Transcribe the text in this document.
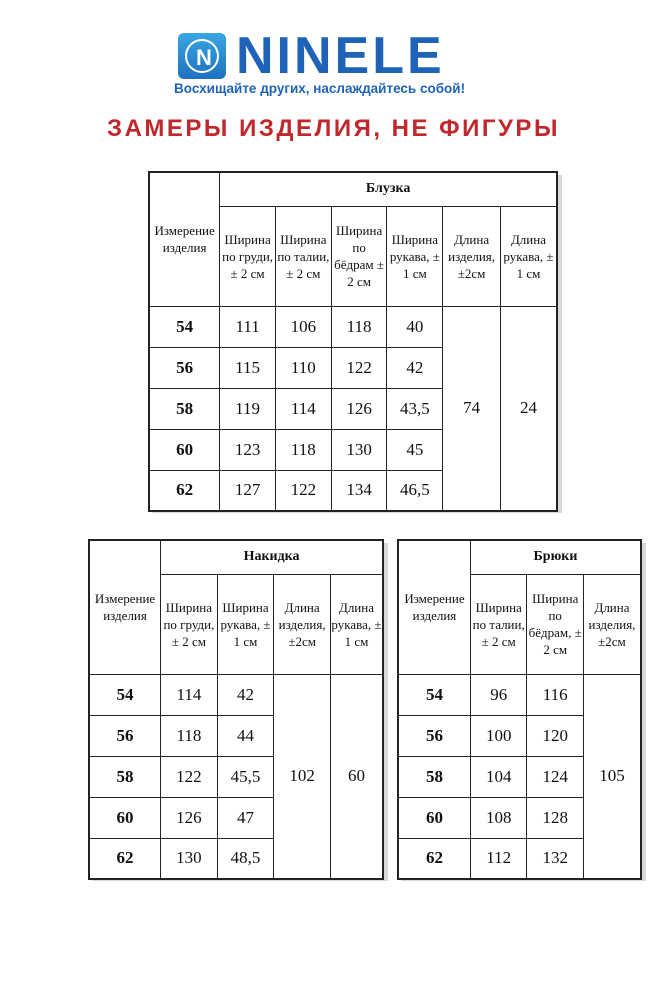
N NINELE
Восхищайте других, наслаждайтесь собой!
ЗАМЕРЫ ИЗДЕЛИЯ, НЕ ФИГУРЫ
Измерение изделия	Блузка					
	Ширина по груди, ± 2 см	Ширина по талии, ± 2 см	Ширина по бёдрам ± 2 см	Ширина рукава, ± 1 см	Длина изделия, ±2см	Длина рукава, ± 1 см
54	111	106	118	40	74	24
56	115	110	122	42		
58	119	114	126	43,5		
60	123	118	130	45		
62	127	122	134	46,5		
Измерение изделия	Накидка			
	Ширина по груди, ± 2 см	Ширина рукава, ± 1 см	Длина изделия, ±2см	Длина рукава, ± 1 см
54	114	42	102	60
56	118	44		
58	122	45,5		
60	126	47		
62	130	48,5		
Измерение изделия	Брюки		
	Ширина по талии, ± 2 см	Ширина по бёдрам, ± 2 см	Длина изделия, ±2см
54	96	116	105
56	100	120	
58	104	124	
60	108	128	
62	112	132	
